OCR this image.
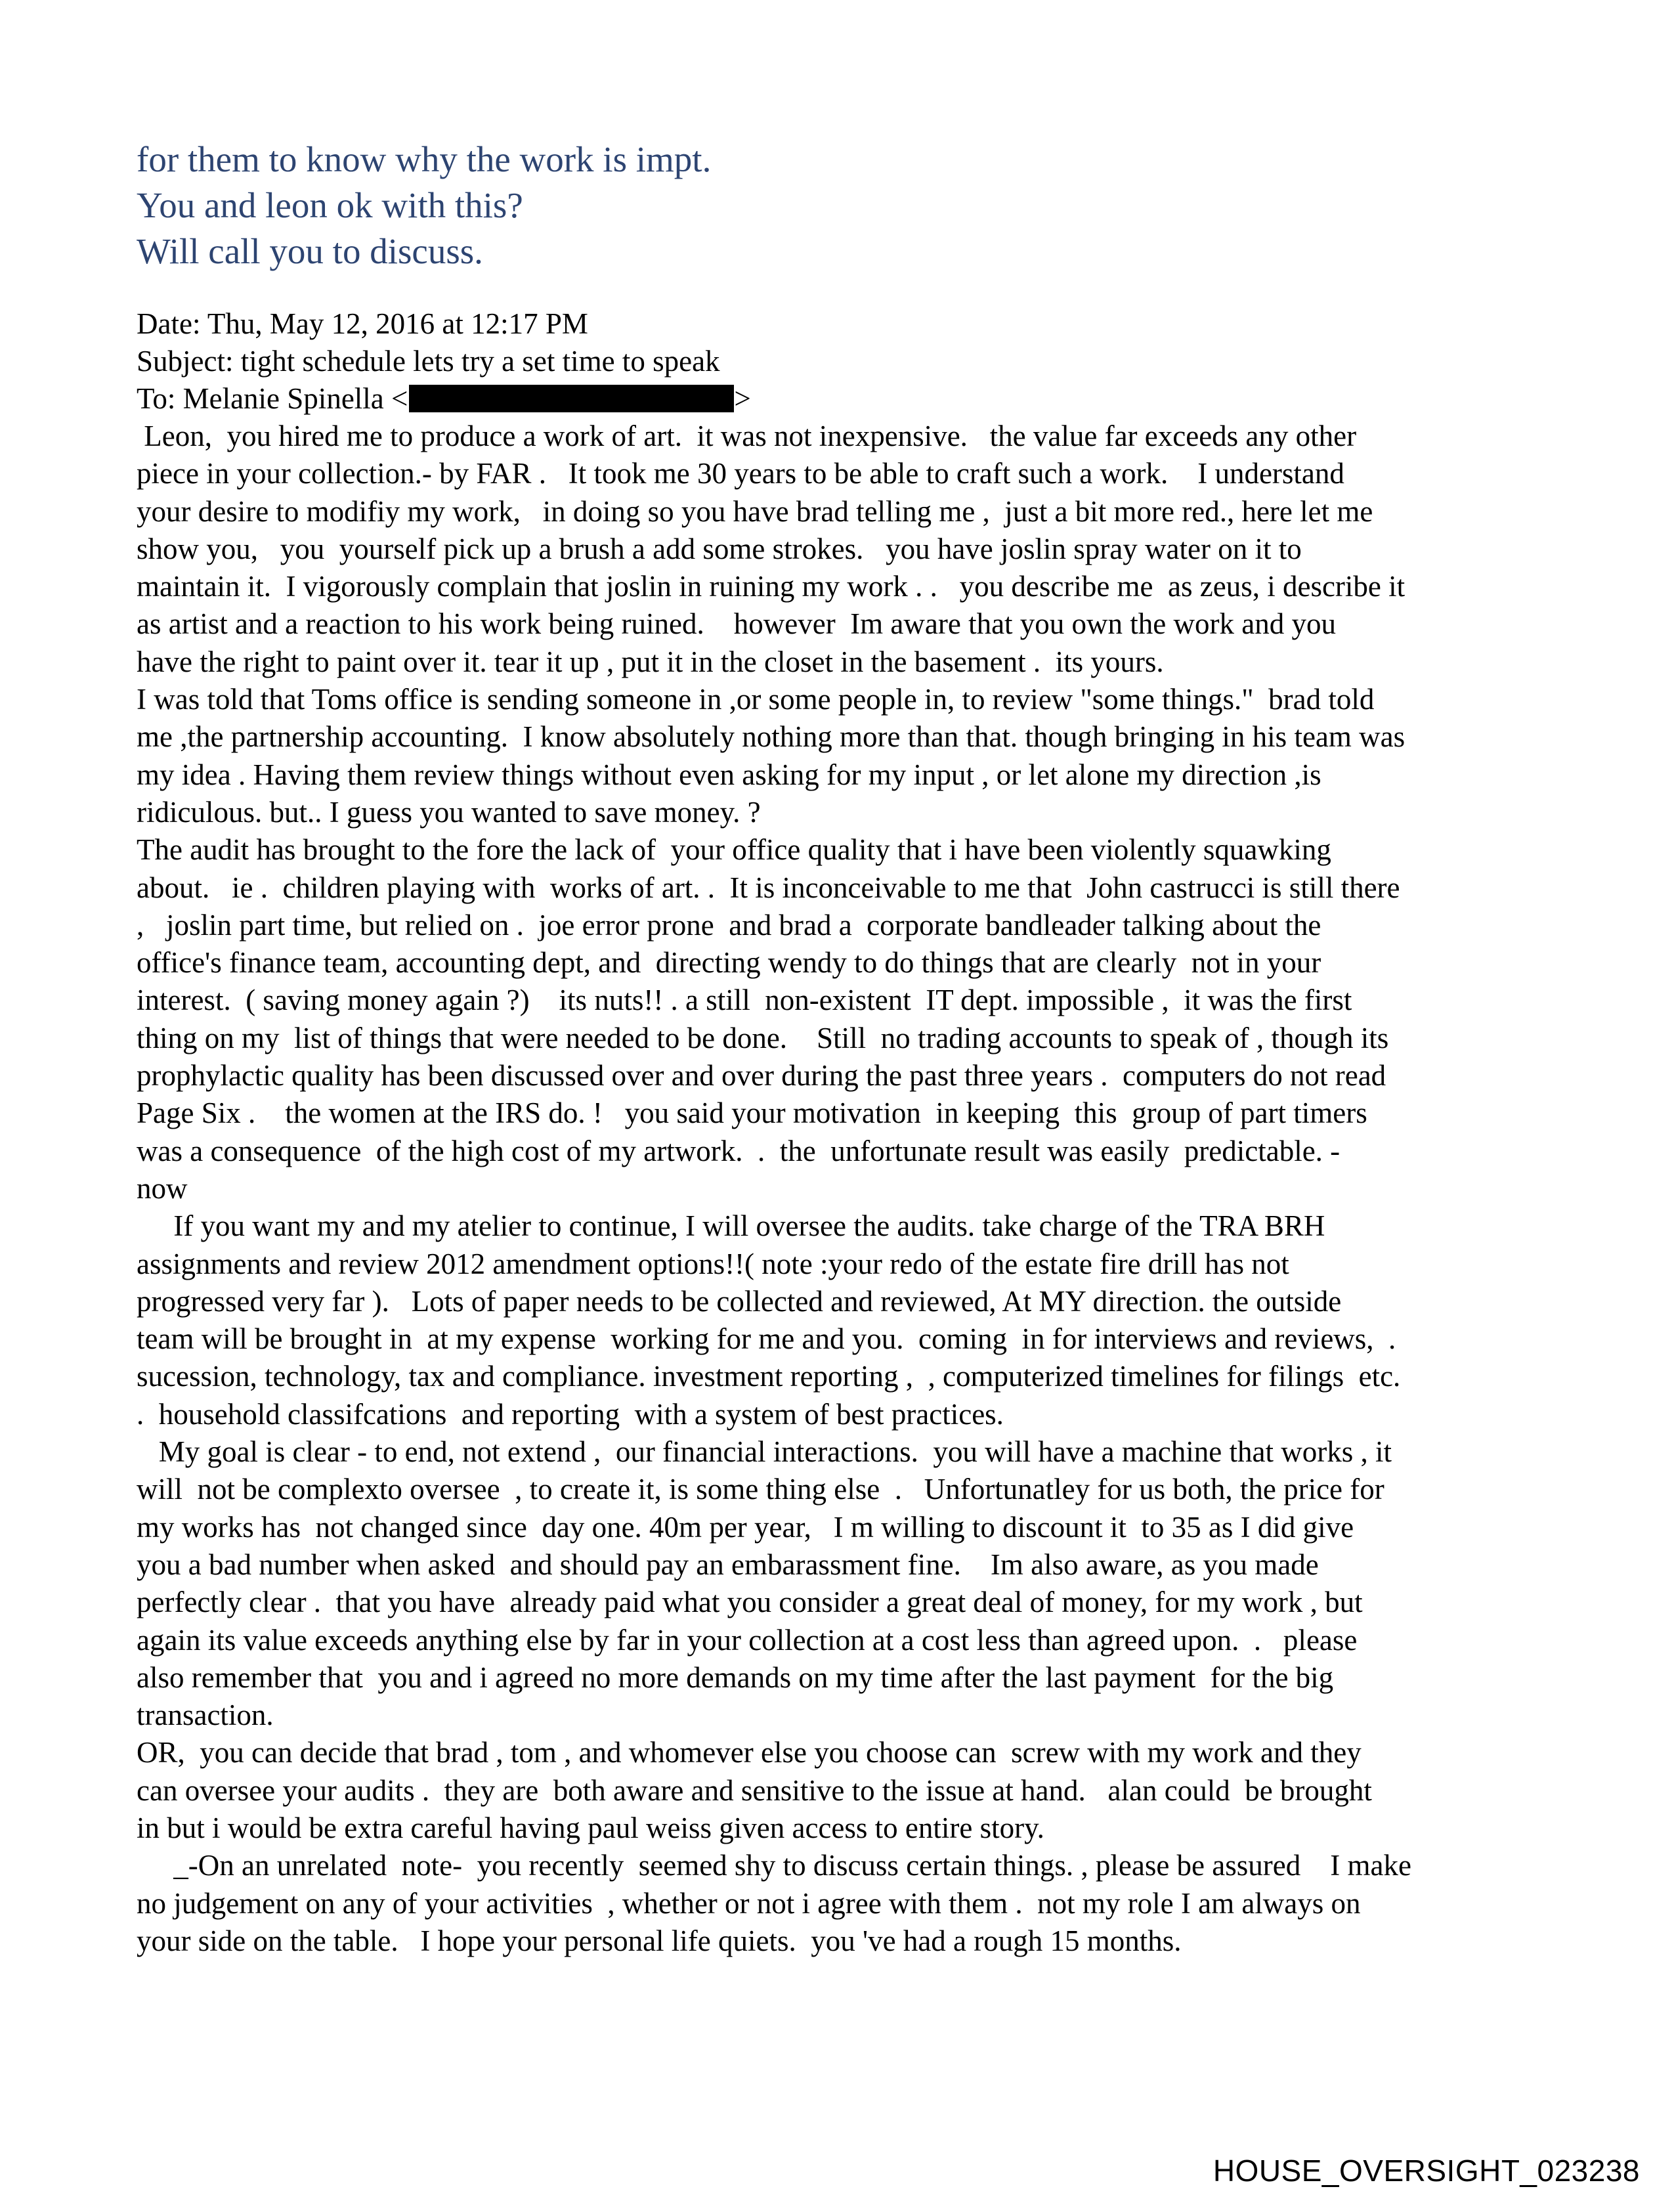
for them to know why the work is impt.
You and leon ok with this?
Will call you to discuss.
Date: Thu, May 12, 2016 at 12:17 PM
Subject: tight schedule lets try a set time to speak
To: Melanie Spinella <	>
Leon,  you hired me to produce a work of art.  it was not inexpensive.   the value far exceeds any other
piece in your collection.- by FAR .   It took me 30 years to be able to craft such a work.    I understand
your desire to modifiy my work,   in doing so you have brad telling me ,  just a bit more red., here let me
show you,   you  yourself pick up a brush a add some strokes.   you have joslin spray water on it to
maintain it.  I vigorously complain that joslin in ruining my work . .   you describe me  as zeus, i describe it
as artist and a reaction to his work being ruined.    however  Im aware that you own the work and you
have the right to paint over it. tear it up , put it in the closet in the basement .  its yours.
I was told that Toms office is sending someone in ,or some people in, to review "some things."  brad told
me ,the partnership accounting.  I know absolutely nothing more than that. though bringing in his team was
my idea . Having them review things without even asking for my input , or let alone my direction ,is
ridiculous. but.. I guess you wanted to save money. ?
The audit has brought to the fore the lack of  your office quality that i have been violently squawking
about.   ie .  children playing with  works of art. .  It is inconceivable to me that  John castrucci is still there
,   joslin part time, but relied on .  joe error prone  and brad a  corporate bandleader talking about the
office's finance team, accounting dept, and  directing wendy to do things that are clearly  not in your
interest.  ( saving money again ?)    its nuts!! . a still  non-existent  IT dept. impossible ,  it was the first
thing on my  list of things that were needed to be done.    Still  no trading accounts to speak of , though its
prophylactic quality has been discussed over and over during the past three years .  computers do not read
Page Six .    the women at the IRS do. !   you said your motivation  in keeping  this  group of part timers
was a consequence  of the high cost of my artwork.  .  the  unfortunate result was easily  predictable. -
now
If you want my and my atelier to continue, I will oversee the audits. take charge of the TRA BRH
assignments and review 2012 amendment options!!( note :your redo of the estate fire drill has not
progressed very far ).   Lots of paper needs to be collected and reviewed, At MY direction. the outside
team will be brought in  at my expense  working for me and you.  coming  in for interviews and reviews,  .
sucession, technology, tax and compliance. investment reporting ,  , computerized timelines for filings  etc.
.  household classifcations  and reporting  with a system of best practices.
My goal is clear - to end, not extend ,  our financial interactions.  you will have a machine that works , it
will  not be complexto oversee  , to create it, is some thing else  .   Unfortunatley for us both, the price for
my works has  not changed since  day one. 40m per year,   I m willing to discount it  to 35 as I did give
you a bad number when asked  and should pay an embarassment fine.    Im also aware, as you made
perfectly clear .  that you have  already paid what you consider a great deal of money, for my work , but
again its value exceeds anything else by far in your collection at a cost less than agreed upon.  .   please
also remember that  you and i agreed no more demands on my time after the last payment  for the big
transaction.
OR,  you can decide that brad , tom , and whomever else you choose can  screw with my work and they
can oversee your audits .  they are  both aware and sensitive to the issue at hand.   alan could  be brought
in but i would be extra careful having paul weiss given access to entire story.
_-On an unrelated  note-  you recently  seemed shy to discuss certain things. , please be assured    I make
no judgement on any of your activities  , whether or not i agree with them .  not my role I am always on
your side on the table.   I hope your personal life quiets.  you 've had a rough 15 months.
HOUSE_OVERSIGHT_023238
